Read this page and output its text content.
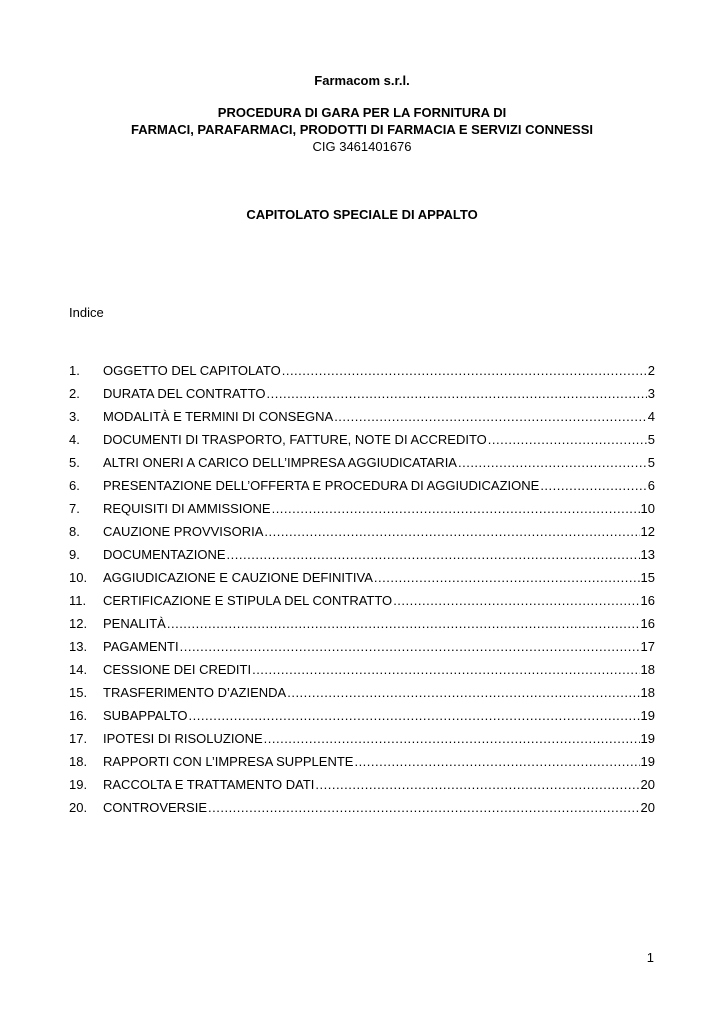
Farmacom s.r.l.
PROCEDURA DI GARA PER LA FORNITURA DI
FARMACI, PARAFARMACI, PRODOTTI DI FARMACIA E SERVIZI CONNESSI
CIG 3461401676
CAPITOLATO SPECIALE DI APPALTO
Indice
1.	OGGETTO DEL CAPITOLATO .....	2
2.	DURATA DEL CONTRATTO .....	3
3.	MODALITÀ E TERMINI DI CONSEGNA .....	4
4.	DOCUMENTI DI TRASPORTO, FATTURE, NOTE DI ACCREDITO .....	5
5.	ALTRI ONERI A CARICO DELL’IMPRESA AGGIUDICATARIA .....	5
6.	PRESENTAZIONE DELL’OFFERTA E PROCEDURA DI AGGIUDICAZIONE .....	6
7.	REQUISITI DI AMMISSIONE .....	10
8.	CAUZIONE PROVVISORIA .....	12
9.	DOCUMENTAZIONE .....	13
10.	AGGIUDICAZIONE E CAUZIONE DEFINITIVA .....	15
11.	CERTIFICAZIONE E STIPULA DEL CONTRATTO .....	16
12.	PENALITÀ .....	16
13.	PAGAMENTI .....	17
14.	CESSIONE DEI CREDITI .....	18
15.	TRASFERIMENTO D’AZIENDA .....	18
16.	SUBAPPALTO .....	19
17.	IPOTESI DI RISOLUZIONE .....	19
18.	RAPPORTI CON L’IMPRESA SUPPLENTE .....	19
19.	RACCOLTA E TRATTAMENTO DATI .....	20
20.	CONTROVERSIE .....	20
1
